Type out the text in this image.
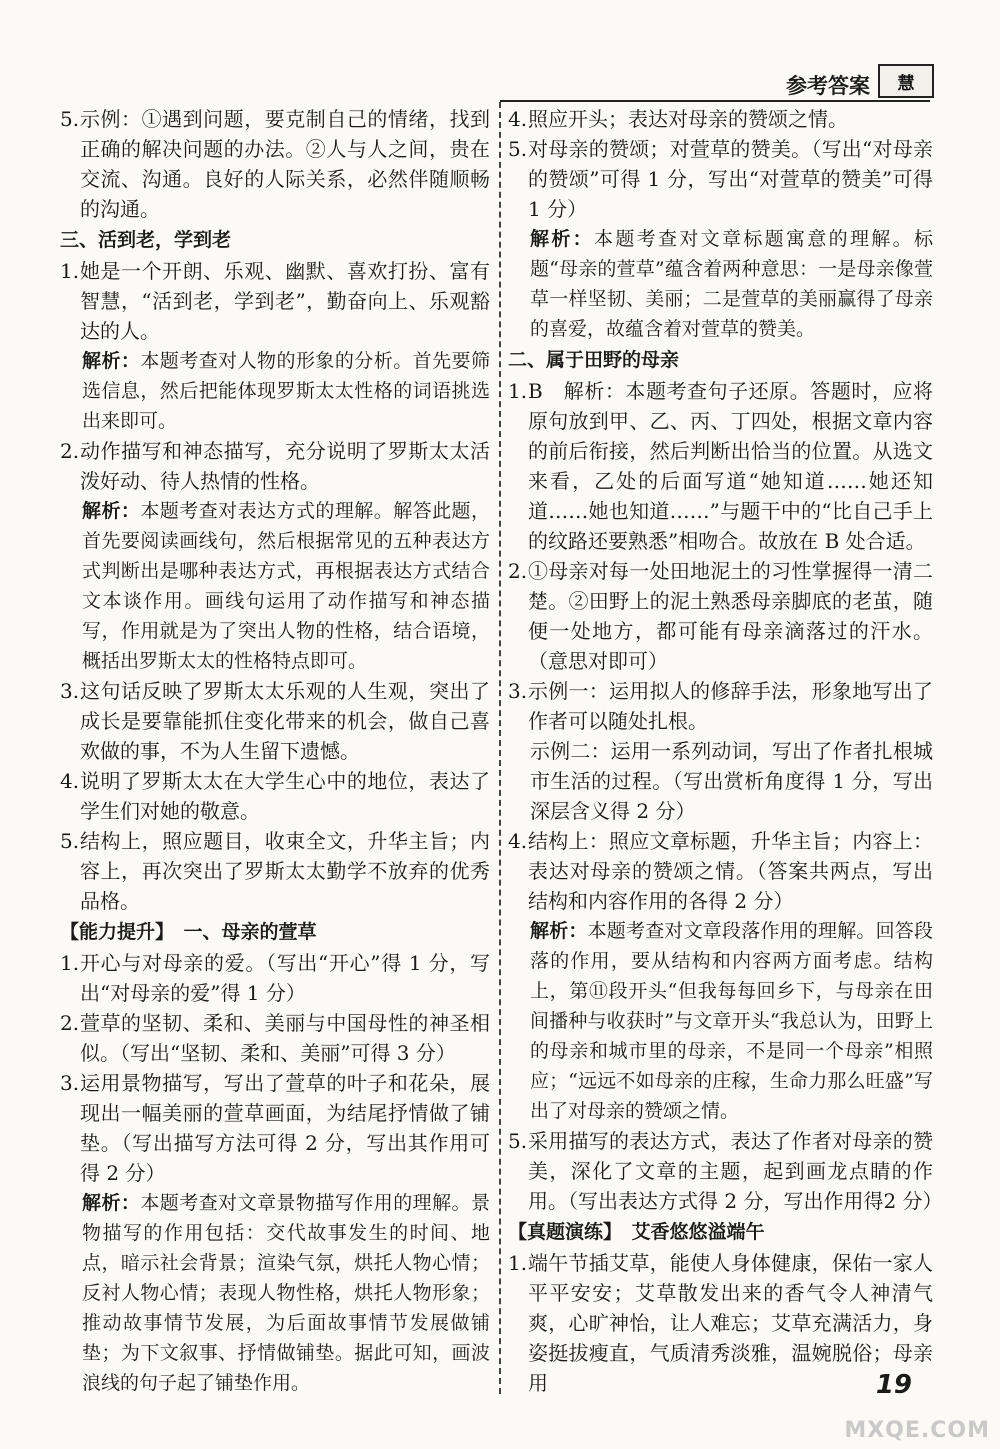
参考答案	慧
5. 示例：①遇到问题，要克制自己的情绪，找到正确的解决问题的办法。②人与人之间，贵在交流、沟通。良好的人际关系，必然伴随顺畅的沟通。
三、活到老，学到老
1. 她是一个开朗、乐观、幽默、喜欢打扮、富有智慧，“活到老，学到老”，勤奋向上、乐观豁达的人。
解析：本题考查对人物的形象的分析。首先要筛选信息，然后把能体现罗斯太太性格的词语挑选出来即可。
2. 动作描写和神态描写，充分说明了罗斯太太活泼好动、待人热情的性格。
解析：本题考查对表达方式的理解。解答此题，首先要阅读画线句，然后根据常见的五种表达方式判断出是哪种表达方式，再根据表达方式结合文本谈作用。画线句运用了动作描写和神态描写，作用就是为了突出人物的性格，结合语境，概括出罗斯太太的性格特点即可。
3. 这句话反映了罗斯太太乐观的人生观，突出了成长是要靠能抓住变化带来的机会，做自己喜欢做的事，不为人生留下遗憾。
4. 说明了罗斯太太在大学生心中的地位，表达了学生们对她的敬意。
5. 结构上，照应题目，收束全文，升华主旨；内容上，再次突出了罗斯太太勤学不放弃的优秀品格。
【能力提升】　一、母亲的萱草
1. 开心与对母亲的爱。（写出“开心”得 1 分，写出“对母亲的爱”得 1 分）
2. 萱草的坚韧、柔和、美丽与中国母性的神圣相似。（写出“坚韧、柔和、美丽”可得 3 分）
3. 运用景物描写，写出了萱草的叶子和花朵，展现出一幅美丽的萱草画面，为结尾抒情做了铺垫。（写出描写方法可得 2 分，写出其作用可得 2 分）
解析：本题考查对文章景物描写作用的理解。景物描写的作用包括：交代故事发生的时间、地点，暗示社会背景；渲染气氛，烘托人物心情；反衬人物心情；表现人物性格，烘托人物形象；推动故事情节发展，为后面故事情节发展做铺垫；为下文叙事、抒情做铺垫。据此可知，画波浪线的句子起了铺垫作用。
4. 照应开头；表达对母亲的赞颂之情。
5. 对母亲的赞颂；对萱草的赞美。（写出“对母亲的赞颂”可得 1 分，写出“对萱草的赞美”可得 1 分）
解析：本题考查对文章标题寓意的理解。标题“母亲的萱草”蕴含着两种意思：一是母亲像萱草一样坚韧、美丽；二是萱草的美丽赢得了母亲的喜爱，故蕴含着对萱草的赞美。
二、属于田野的母亲
1. B　解析：本题考查句子还原。答题时，应将原句放到甲、乙、丙、丁四处，根据文章内容的前后衔接，然后判断出恰当的位置。从选文来看，乙处的后面写道“她知道……她还知道……她也知道……”与题干中的“比自己手上的纹路还要熟悉”相吻合。故放在 B 处合适。
2. ①母亲对每一处田地泥土的习性掌握得一清二楚。②田野上的泥土熟悉母亲脚底的老茧，随便一处地方，都可能有母亲滴落过的汗水。（意思对即可）
3. 示例一：运用拟人的修辞手法，形象地写出了作者可以随处扎根。
示例二：运用一系列动词，写出了作者扎根城市生活的过程。（写出赏析角度得 1 分，写出深层含义得 2 分）
4. 结构上：照应文章标题，升华主旨；内容上：表达对母亲的赞颂之情。（答案共两点，写出结构和内容作用的各得 2 分）
解析：本题考查对文章段落作用的理解。回答段落的作用，要从结构和内容两方面考虑。结构上，第⑪段开头“但我每每回乡下，与母亲在田间播种与收获时”与文章开头“我总认为，田野上的母亲和城市里的母亲，不是同一个母亲”相照应；“远远不如母亲的庄稼，生命力那么旺盛”写出了对母亲的赞颂之情。
5. 采用描写的表达方式，表达了作者对母亲的赞美，深化了文章的主题，起到画龙点睛的作用。（写出表达方式得 2 分，写出作用得2 分）
【真题演练】　艾香悠悠溢端午
1. 端午节插艾草，能使人身体健康，保佑一家人平平安安；艾草散发出来的香气令人神清气爽，心旷神怡，让人难忘；艾草充满活力，身姿挺拔瘦直，气质清秀淡雅，温婉脱俗；母亲用	19
MXQE.COM
